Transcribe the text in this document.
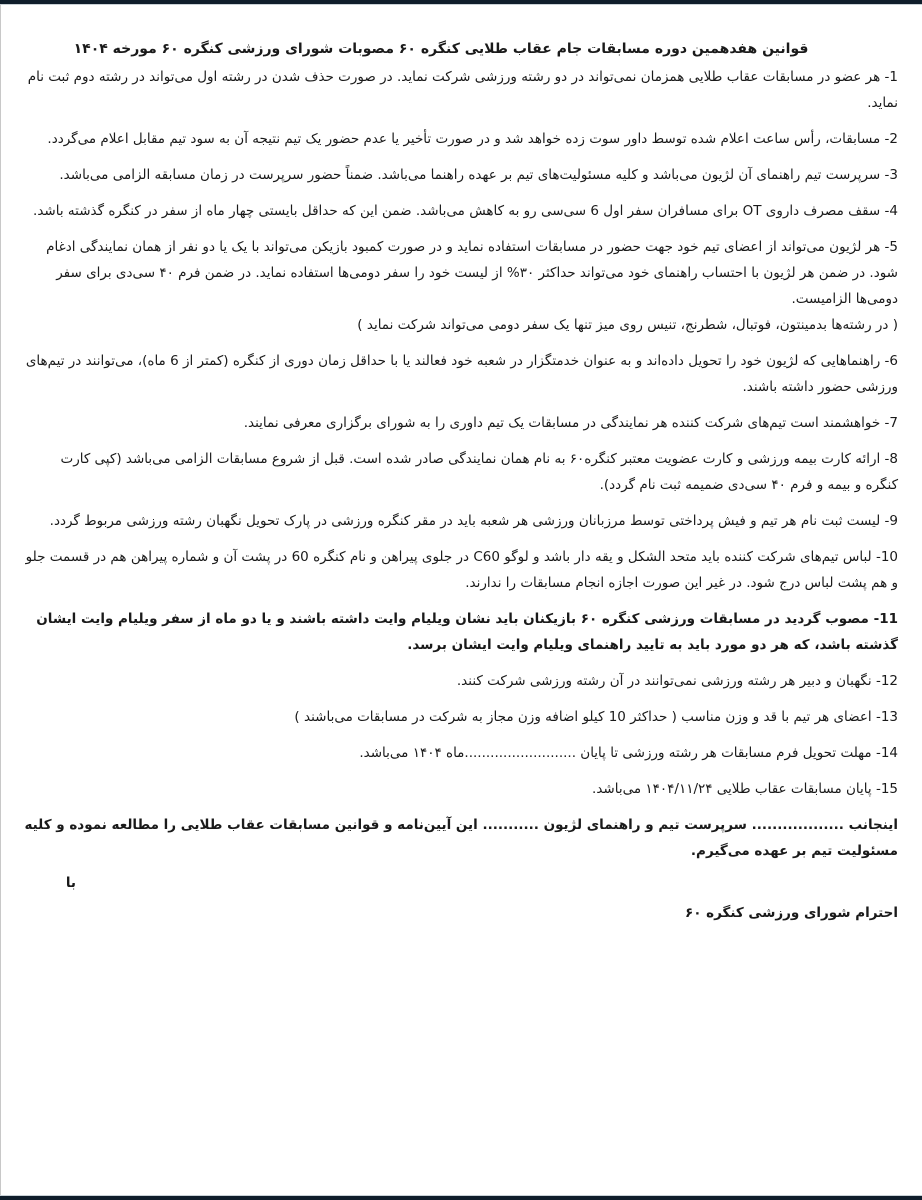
قوانین هفدهمین دوره مسابقات جام عقاب طلایی کنگره ۶۰ مصوبات شورای ورزشی کنگره ۶۰ مورخه ۱۴۰۴
1- هر عضو در مسابقات عقاب طلایی همزمان نمی‌تواند در دو رشته ورزشی شرکت نماید. در صورت حذف شدن در رشته اول می‌تواند در رشته دوم ثبت نام نماید.
2- مسابقات، رأس ساعت اعلام شده توسط داور سوت زده خواهد شد و در صورت تأخیر یا عدم حضور یک تیم نتیجه آن به سود تیم مقابل اعلام می‌گردد.
3- سرپرست تیم راهنمای آن لژیون می‌باشد و کلیه مسئولیت‌های تیم بر عهده راهنما می‌باشد. ضمناً حضور سرپرست در زمان مسابقه الزامی می‌باشد.
4- سقف مصرف داروی OT برای مسافران سفر اول 6 سی‌سی رو به کاهش می‌باشد. ضمن این که حداقل بایستی چهار ماه از سفر در کنگره گذشته باشد.
5- هر لژیون می‌تواند از اعضای تیم خود جهت حضور در مسابقات استفاده نماید و در صورت کمبود بازیکن می‌تواند با یک یا دو نفر از همان نمایندگی ادغام شود. در ضمن هر لژیون با احتساب راهنمای خود می‌تواند حداکثر ۳۰% از لیست خود را سفر دومی‌ها استفاده نماید. در ضمن فرم ۴۰ سی‌دی برای سفر دومی‌ها الزامیست.
( در رشته‌ها بدمینتون، فوتبال، شطرنج، تنیس روی میز تنها یک سفر دومی می‌تواند شرکت نماید )
6- راهنماهایی که لژیون خود را تحویل داده‌اند و به عنوان خدمتگزار در شعبه خود فعالند یا با حداقل زمان دوری از کنگره (کمتر از 6 ماه)، می‌توانند در تیم‌های ورزشی حضور داشته باشند.
7- خواهشمند است تیم‌های شرکت کننده هر نمایندگی در مسابقات یک تیم داوری را به شورای برگزاری معرفی نمایند.
8- ارائه کارت بیمه ورزشی و کارت عضویت معتبر کنگره۶۰ به نام همان نمایندگی صادر شده است. قبل از شروع مسابقات الزامی می‌باشد (کپی کارت کنگره و بیمه و فرم ۴۰ سی‌دی ضمیمه ثبت نام گردد).
9- لیست ثبت نام هر تیم و فیش پرداختی توسط مرزبانان ورزشی هر شعبه باید در مقر کنگره ورزشی در پارک تحویل نگهبان رشته ورزشی مربوط گردد.
10- لباس تیم‌های شرکت کننده باید متحد الشکل و یقه دار باشد و لوگو C60 در جلوی پیراهن و نام کنگره 60 در پشت آن و شماره پیراهن هم در قسمت جلو و هم پشت لباس درج شود. در غیر این صورت اجازه انجام مسابقات را ندارند.
11- مصوب گردید در مسابقات ورزشی کنگره ۶۰ بازیکنان باید نشان ویلیام وایت داشته باشند و یا دو ماه از سفر ویلیام وایت ایشان گذشته باشد، که هر دو مورد باید به تایید راهنمای ویلیام وایت ایشان برسد.
12- نگهبان و دبیر هر رشته ورزشی نمی‌توانند در آن رشته ورزشی شرکت کنند.
13- اعضای هر تیم با قد و وزن مناسب ( حداکثر 10 کیلو اضافه وزن مجاز به شرکت در مسابقات می‌باشند )
14- مهلت تحویل فرم مسابقات هر رشته ورزشی تا پایان ..........................ماه ۱۴۰۴ می‌باشد.
15- پایان مسابقات عقاب طلایی ۱۴۰۴/۱۱/۲۴ می‌باشد.
اینجانب .................. سرپرست تیم و راهنمای لژیون ........... این آیین‌نامه و قوانین مسابقات عقاب طلایی را مطالعه نموده و کلیه مسئولیت تیم بر عهده می‌گیرم.
با
احترام شورای ورزشی کنگره ۶۰
